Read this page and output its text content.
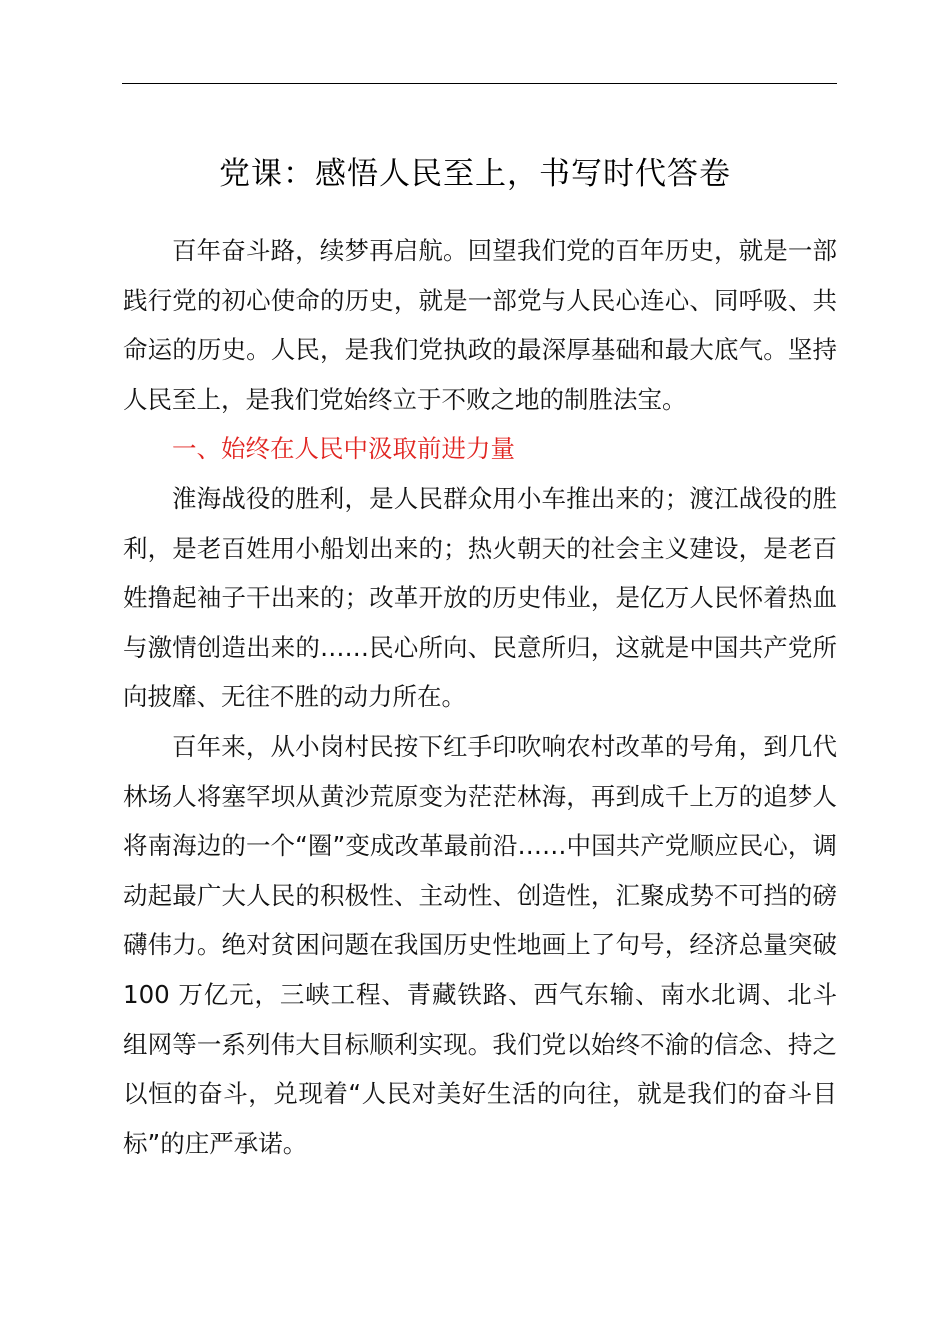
党课：感悟人民至上，书写时代答卷

百年奋斗路，续梦再启航。回望我们党的百年历史，就是一部践行党的初心使命的历史，就是一部党与人民心连心、同呼吸、共命运的历史。人民，是我们党执政的最深厚基础和最大底气。坚持人民至上，是我们党始终立于不败之地的制胜法宝。

一、始终在人民中汲取前进力量

淮海战役的胜利，是人民群众用小车推出来的；渡江战役的胜利，是老百姓用小船划出来的；热火朝天的社会主义建设，是老百姓撸起袖子干出来的；改革开放的历史伟业，是亿万人民怀着热血与激情创造出来的……民心所向、民意所归，这就是中国共产党所向披靡、无往不胜的动力所在。

百年来，从小岗村民按下红手印吹响农村改革的号角，到几代林场人将塞罕坝从黄沙荒原变为茫茫林海，再到成千上万的追梦人将南海边的一个“圈”变成改革最前沿……中国共产党顺应民心，调动起最广大人民的积极性、主动性、创造性，汇聚成势不可挡的磅礴伟力。绝对贫困问题在我国历史性地画上了句号，经济总量突破 100 万亿元，三峡工程、青藏铁路、西气东输、南水北调、北斗组网等一系列伟大目标顺利实现。我们党以始终不渝的信念、持之以恒的奋斗，兑现着“人民对美好生活的向往，就是我们的奋斗目标”的庄严承诺。
